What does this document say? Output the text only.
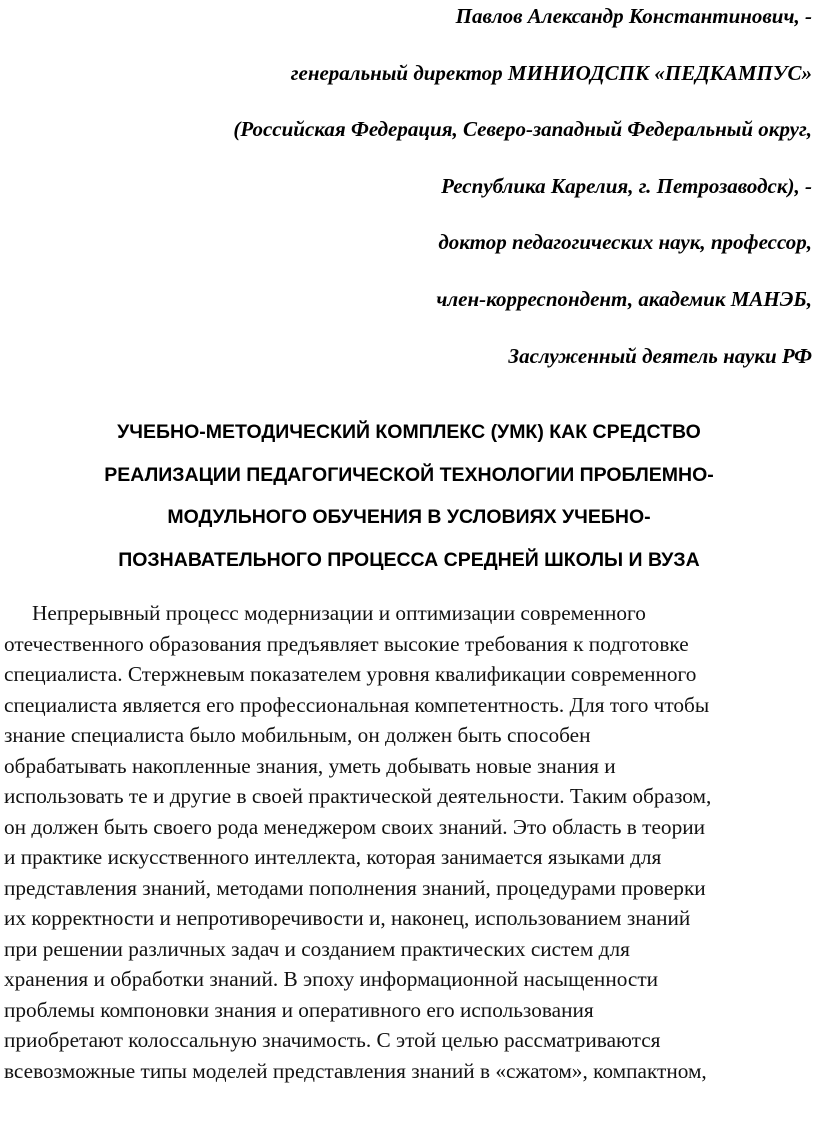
Павлов Александр Константинович, -
генеральный директор МИНИОДСПК «ПЕДКАМПУС»
(Российская Федерация, Северо-западный Федеральный округ,
Республика Карелия, г. Петрозаводск), -
доктор педагогических наук, профессор,
член-корреспондент, академик МАНЭБ,
Заслуженный деятель науки РФ
УЧЕБНО-МЕТОДИЧЕСКИЙ КОМПЛЕКС (УМК) КАК СРЕДСТВО
РЕАЛИЗАЦИИ ПЕДАГОГИЧЕСКОЙ ТЕХНОЛОГИИ ПРОБЛЕМНО-
МОДУЛЬНОГО ОБУЧЕНИЯ В УСЛОВИЯХ УЧЕБНО-
ПОЗНАВАТЕЛЬНОГО ПРОЦЕССА СРЕДНЕЙ ШКОЛЫ И ВУЗА
Непрерывный процесс модернизации и оптимизации современного
отечественного образования предъявляет высокие требования к подготовке
специалиста. Стержневым показателем уровня квалификации современного
специалиста является его профессиональная компетентность. Для того чтобы
знание специалиста было мобильным, он должен быть способен
обрабатывать накопленные знания, уметь добывать новые знания и
использовать те и другие в своей практической деятельности. Таким образом,
он должен быть своего рода менеджером своих знаний. Это область в теории
и практике искусственного интеллекта, которая занимается языками для
представления знаний, методами пополнения знаний, процедурами проверки
их корректности и непротиворечивости и, наконец, использованием знаний
при решении различных задач и созданием практических систем для
хранения и обработки знаний. В эпоху информационной насыщенности
проблемы компоновки знания и оперативного его использования
приобретают колоссальную значимость. С этой целью рассматриваются
всевозможные типы моделей представления знаний в «сжатом», компактном,
